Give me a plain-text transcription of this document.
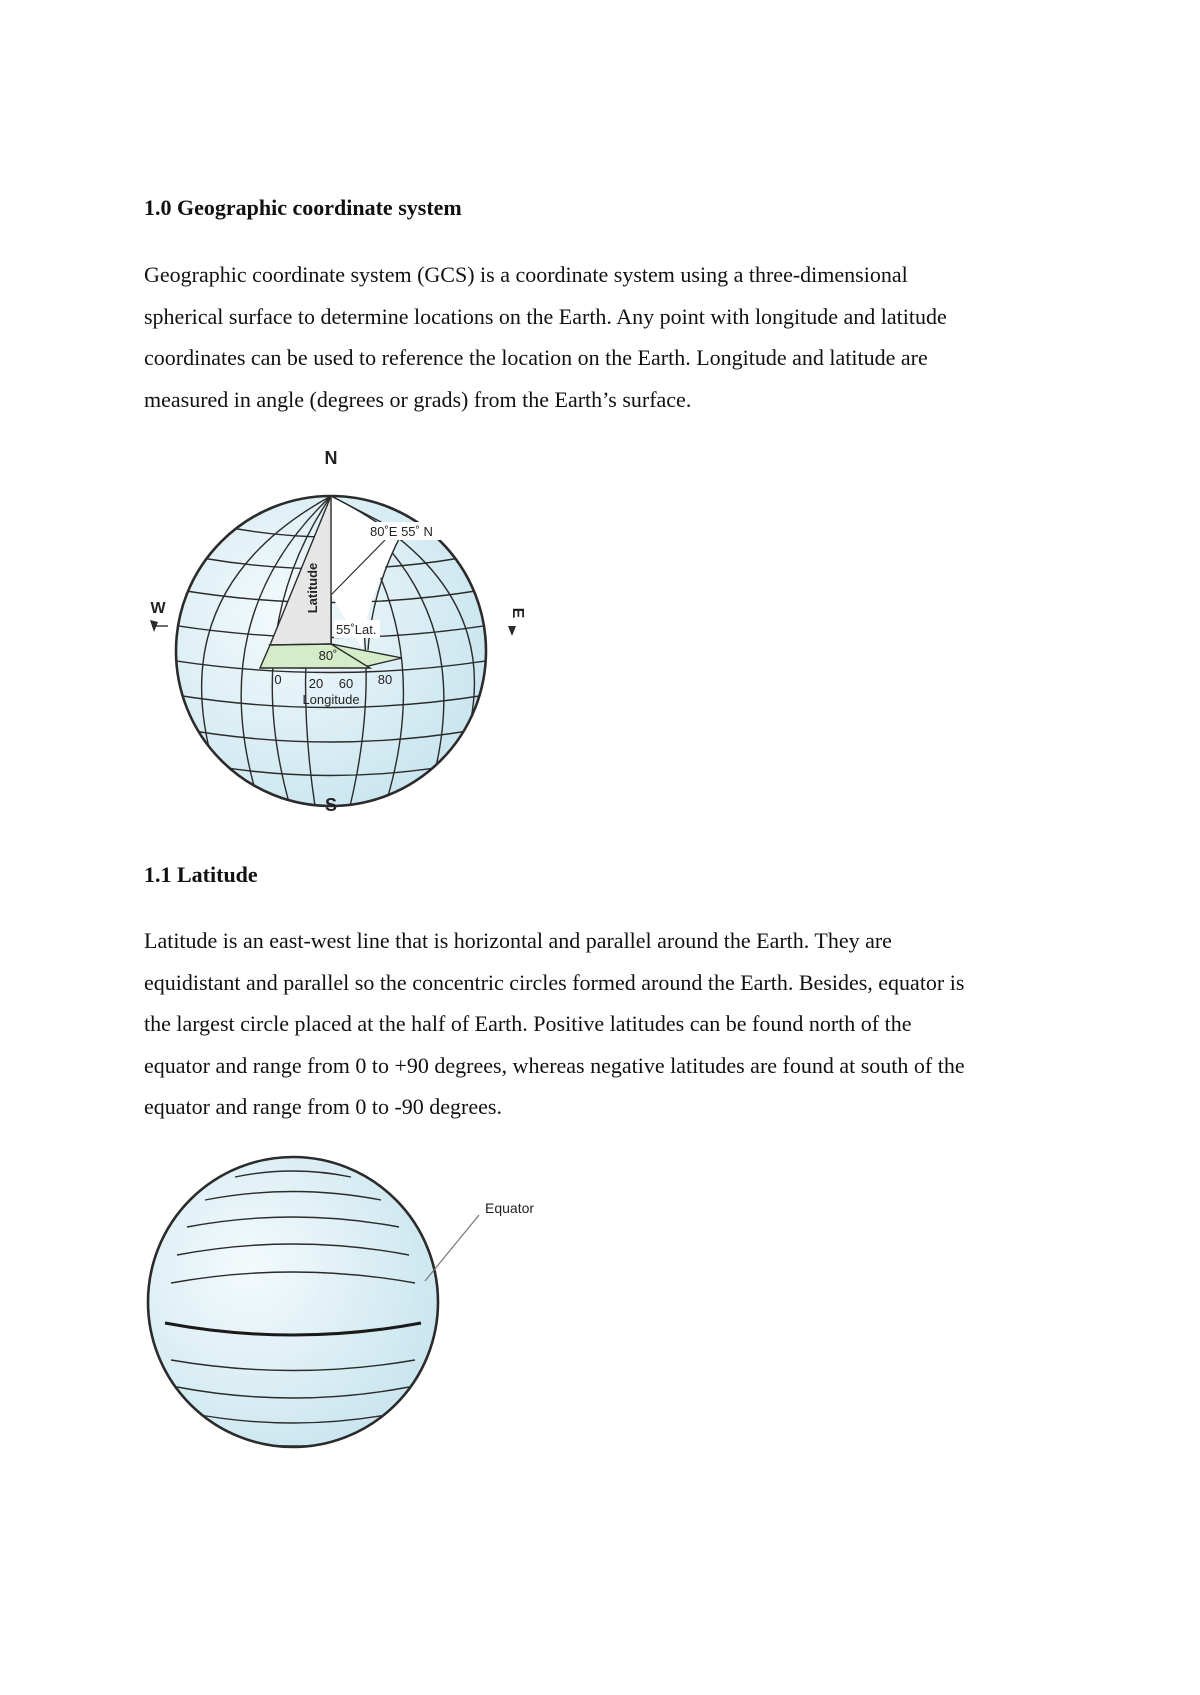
1.0 Geographic coordinate system
Geographic coordinate system (GCS) is a coordinate system using a three-dimensional
spherical surface to determine locations on the Earth. Any point with longitude and latitude
coordinates can be used to reference the location on the Earth. Longitude and latitude are
measured in angle (degrees or grads) from the Earth’s surface.
N
S
W	E
Latitude
80˚E 55˚ N
55˚Lat.
80˚
0 20 60 80
Longitude
1.1 Latitude
Latitude is an east-west line that is horizontal and parallel around the Earth. They are
equidistant and parallel so the concentric circles formed around the Earth. Besides, equator is
the largest circle placed at the half of Earth. Positive latitudes can be found north of the
equator and range from 0 to +90 degrees, whereas negative latitudes are found at south of the
equator and range from 0 to -90 degrees.
Equator
